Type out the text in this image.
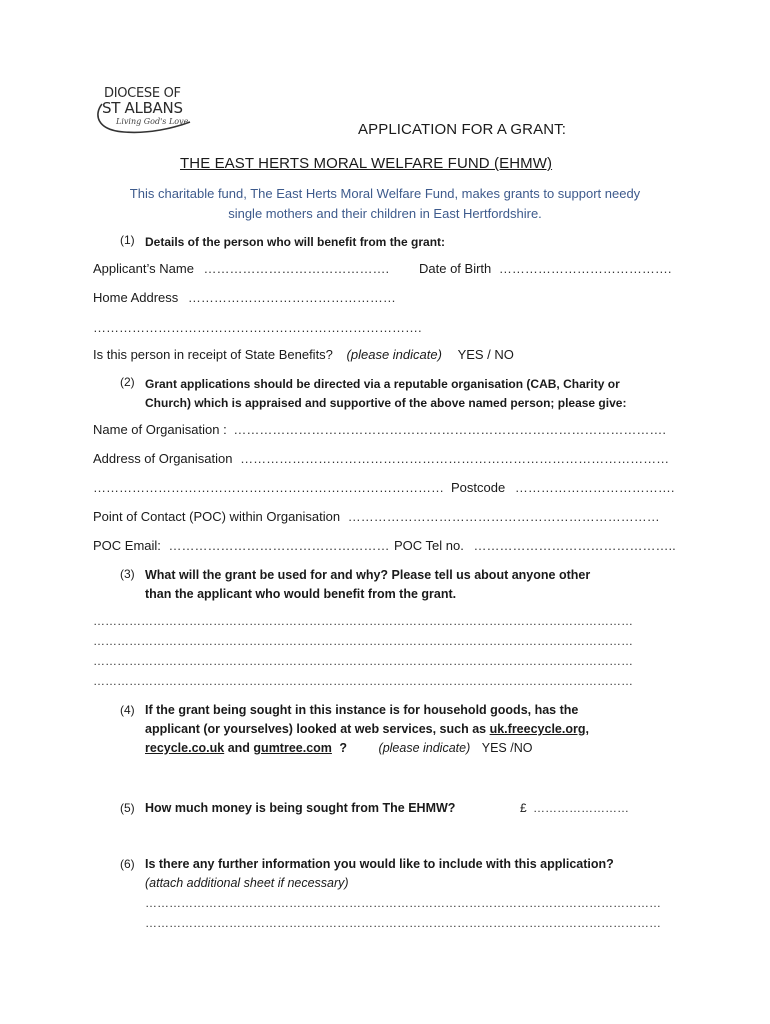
DIOCESE OF
ST ALBANS
Living God's Love	APPLICATION FOR A GRANT:
THE EAST HERTS MORAL WELFARE FUND (EHMW)
This charitable fund, The East Herts Moral Welfare Fund, makes grants to support needy
single mothers and their children in East Hertfordshire.
(1) Details of the person who will benefit from the grant:
Applicant’s Name ……………………………………. Date of Birth ………………………………….
Home Address …………………………………………
………………………………………………………………….
Is this person in receipt of State Benefits? (please indicate) YES / NO
(2) Grant applications should be directed via a reputable organisation (CAB, Charity or
Church) which is appraised and supportive of the above named person; please give:
Name of Organisation : ……………………………………………………………………………………….
Address of Organisation ………………………………………………………………………………………
……………………………………………………………………… Postcode ……………………………….
Point of Contact (POC) within Organisation ………………………………………………………………
POC Email: …………………………………………… POC Tel no. ………………………………………..
(3) What will the grant be used for and why? Please tell us about anyone other
than the applicant who would benefit from the grant.
………………………………………………………………………………………………………………………
………………………………………………………………………………………………………………………
………………………………………………………………………………………………………………………
………………………………………………………………………………………………………………………
(4) If the grant being sought in this instance is for household goods, has the
applicant (or yourselves) looked at web services, such as uk.freecycle.org,
recycle.co.uk and gumtree.com ?	(please indicate) YES /NO
(5) How much money is being sought from The EHMW?	£ ……………………
(6) Is there any further information you would like to include with this application?
(attach additional sheet if necessary)
…………………………………………………………………………………………………………………
…………………………………………………………………………………………………………………
